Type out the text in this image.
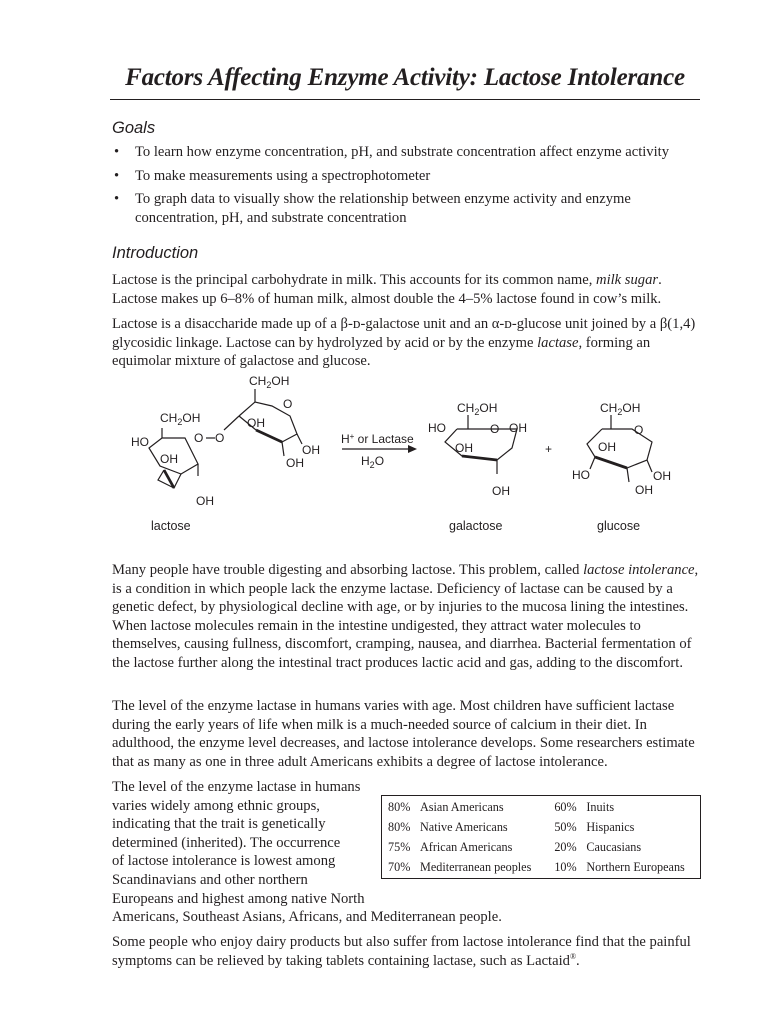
Factors Affecting Enzyme Activity: Lactose Intolerance
Goals
• To learn how enzyme concentration, pH, and substrate concentration affect enzyme activity
• To make measurements using a spectrophotometer
• To graph data to visually show the relationship between enzyme activity and enzyme concentration, pH, and substrate concentration
Introduction

Lactose is the principal carbohydrate in milk. This accounts for its common name, milk sugar. Lactose makes up 6–8% of human milk, almost double the 4–5% lactose found in cow’s milk.

Lactose is a disaccharide made up of a β-ᴅ-galactose unit and an α-ᴅ-glucose unit joined by a β(1,4) glycosidic linkage. Lactose can by hydrolyzed by acid or by the enzyme lactase, forming an equimolar mixture of galactose and glucose.

$CH_2OH$
O
OH
OH
OH
O
$CH_2OH$
HO	O
OH
OH
H+ or Lactase
$H_2O$
$CH_2OH$
HO	O OH
OH
OH
+
$CH_2OH$
O
OH
HO	OH
OH
lactose	galactose	glucose

Many people have trouble digesting and absorbing lactose. This problem, called lactose intolerance, is a condition in which people lack the enzyme lactase. Deficiency of lactase can be caused by a genetic defect, by physiological decline with age, or by injuries to the mucosa lining the intestines. When lactose molecules remain in the intestine undigested, they attract water molecules to themselves, causing fullness, discomfort, cramping, nausea, and diarrhea. Bacterial fermentation of the lactose further along the intestinal tract produces lactic acid and gas, adding to the discomfort.

The level of the enzyme lactase in humans varies with age. Most children have sufficient lactase during the early years of life when milk is a much-needed source of calcium in their diet. In adulthood, the enzyme level decreases, and lactose intolerance develops. Some researchers estimate that as many as one in three adult Americans exhibits a degree of lactose intolerance.

The level of the enzyme lactase in humans
varies widely among ethnic groups,
indicating that the trait is genetically
determined (inherited). The occurrence
of lactose intolerance is lowest among
Scandinavians and other northern
Europeans and highest among native North
Americans, Southeast Asians, Africans, and Mediterranean people.

80%	Asian Americans	60%	Inuits
80%	Native Americans	50%	Hispanics
75%	African Americans	20%	Caucasians
70%	Mediterranean peoples	10%	Northern Europeans

Some people who enjoy dairy products but also suffer from lactose intolerance find that the painful symptoms can be relieved by taking tablets containing lactase, such as Lactaid®.
